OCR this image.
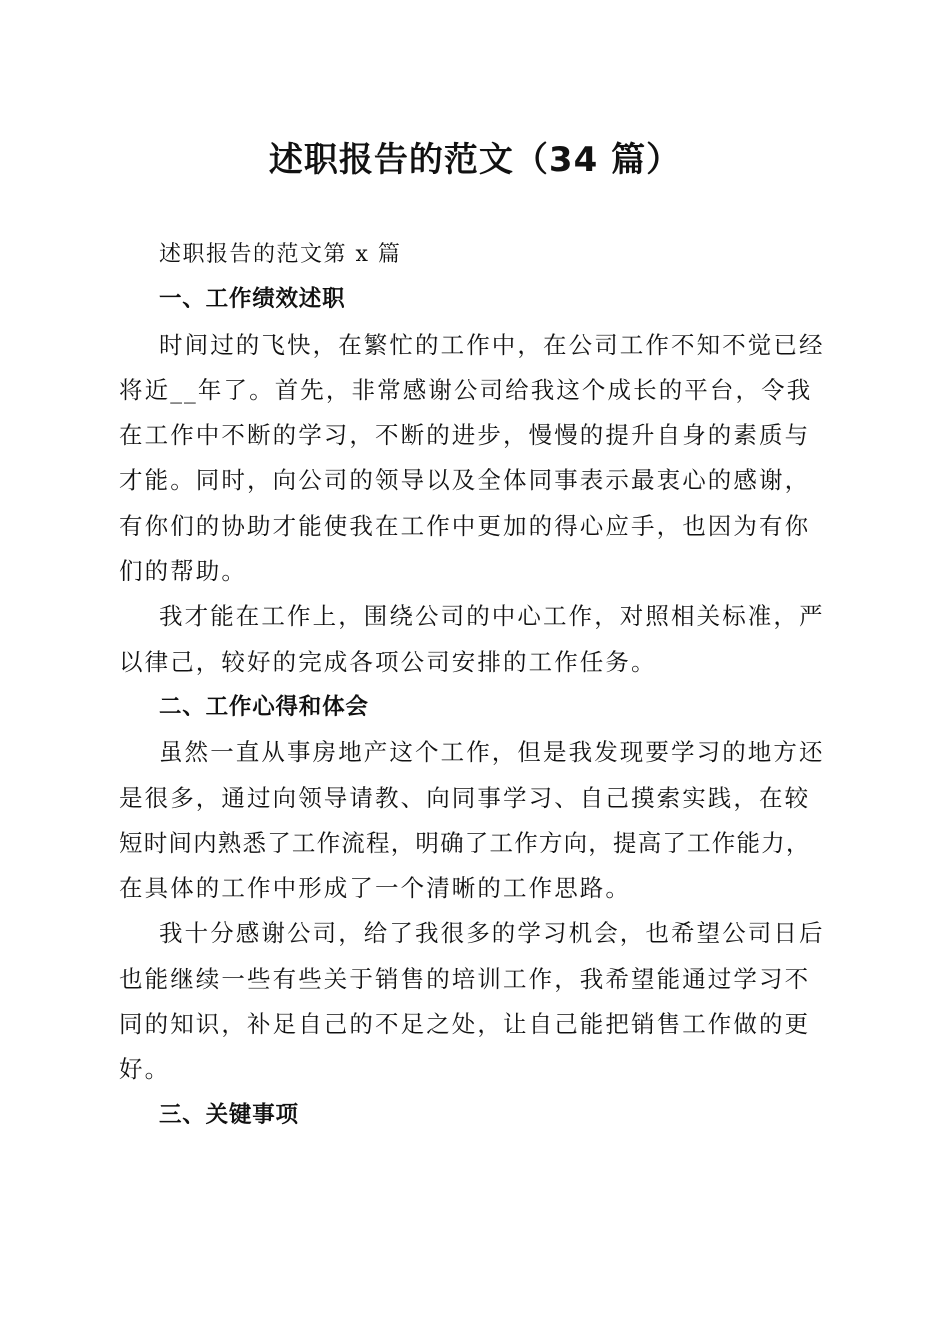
述职报告的范文（34 篇）

述职报告的范文第 x 篇

一、工作绩效述职

时间过的飞快，在繁忙的工作中，在公司工作不知不觉已经

将近__年了。首先，非常感谢公司给我这个成长的平台，令我

在工作中不断的学习，不断的进步，慢慢的提升自身的素质与

才能。同时，向公司的领导以及全体同事表示最衷心的感谢，

有你们的协助才能使我在工作中更加的得心应手，也因为有你

们的帮助。

我才能在工作上，围绕公司的中心工作，对照相关标准，严

以律己，较好的完成各项公司安排的工作任务。

二、工作心得和体会

虽然一直从事房地产这个工作，但是我发现要学习的地方还

是很多，通过向领导请教、向同事学习、自己摸索实践，在较

短时间内熟悉了工作流程，明确了工作方向，提高了工作能力，

在具体的工作中形成了一个清晰的工作思路。

我十分感谢公司，给了我很多的学习机会，也希望公司日后

也能继续一些有些关于销售的培训工作，我希望能通过学习不

同的知识，补足自己的不足之处，让自己能把销售工作做的更

好。

三、关键事项
